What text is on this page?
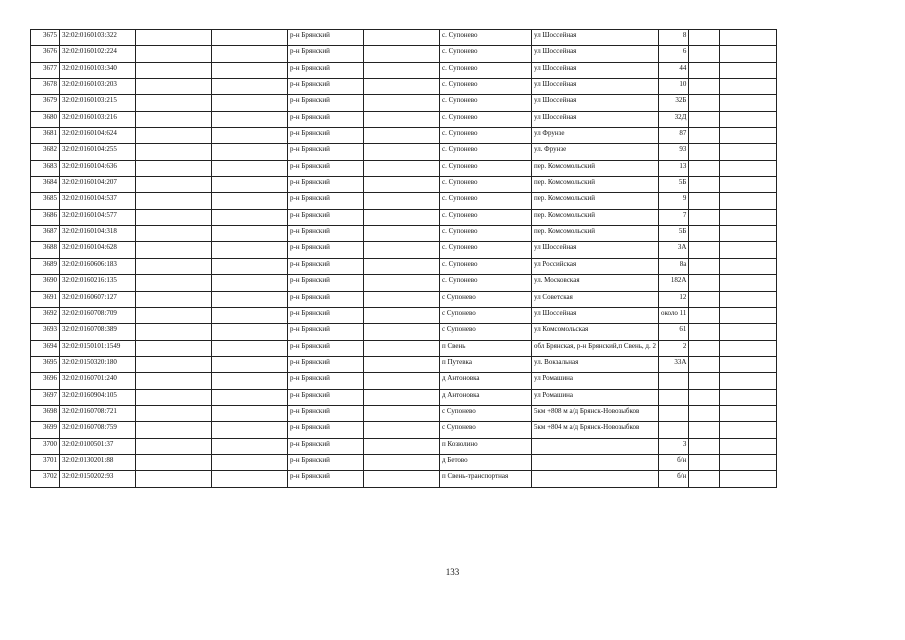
3675	32:02:0160103:322			р-н Брянский		с. Супонево	ул Шоссейная	8		
3676	32:02:0160102:224			р-н Брянский		с. Супонево	ул Шоссейная	6		
3677	32:02:0160103:340			р-н Брянский		с. Супонево	ул Шоссейная	44		
3678	32:02:0160103:203			р-н Брянский		с. Супонево	ул Шоссейная	10		
3679	32:02:0160103:215			р-н Брянский		с. Супонево	ул Шоссейная	32Б		
3680	32:02:0160103:216			р-н Брянский		с. Супонево	ул Шоссейная	32Д		
3681	32:02:0160104:624			р-н Брянский		с. Супонево	ул Фрунзе	87		
3682	32:02:0160104:255			р-н Брянский		с. Супонево	ул. Фрунзе	93		
3683	32:02:0160104:636			р-н Брянский		с. Супонево	пер. Комсомольский	13		
3684	32:02:0160104:207			р-н Брянский		с. Супонево	пер. Комсомольский	5Б		
3685	32:02:0160104:537			р-н Брянский		с. Супонево	пер. Комсомольский	9		
3686	32:02:0160104:577			р-н Брянский		с. Супонево	пер. Комсомольский	7		
3687	32:02:0160104:318			р-н Брянский		с. Супонево	пер. Комсомольский	5Б		
3688	32:02:0160104:628			р-н Брянский		с. Супонево	ул Шоссейная	3А		
3689	32:02:0160606:183			р-н Брянский		с. Супонево	ул Российская	8а		
3690	32:02:0160216:135			р-н Брянский		с. Супонево	ул. Московская	182А		
3691	32:02:0160607:127			р-н Брянский		с Супонево	ул Советская	12		
3692	32:02:0160708:709			р-н Брянский		с Супонево	ул Шоссейная	около 11		
3693	32:02:0160708:389			р-н Брянский		с Супонево	ул Комсомольская	61		
3694	32:02:0150101:1549			р-н Брянский		п Свень	обл Брянская, р-н Брянский,п Свень, д. 2	2		
3695	32:02:0150320:180			р-н Брянский		п Путевка	ул. Вокзальная	33А		
3696	32:02:0160701:240			р-н Брянский		д Антоновка	ул Ромашина			
3697	32:02:0160904:105			р-н Брянский		д Антоновка	ул Ромашина			
3698	32:02:0160708:721			р-н Брянский		с Супонево	5км +808 м а/д Брянск-Новозыбков			
3699	32:02:0160708:759			р-н Брянский		с Супонево	5км +804 м а/д Брянск-Новозыбков			
3700	32:02:0100501:37			р-н Брянский		п Козюлино		3		
3701	32:02:0130201:88			р-н Брянский		д Бетово		б/н		
3702	32:02:0150202:93			р-н Брянский		п Свень-транспортная		б/н		
133
